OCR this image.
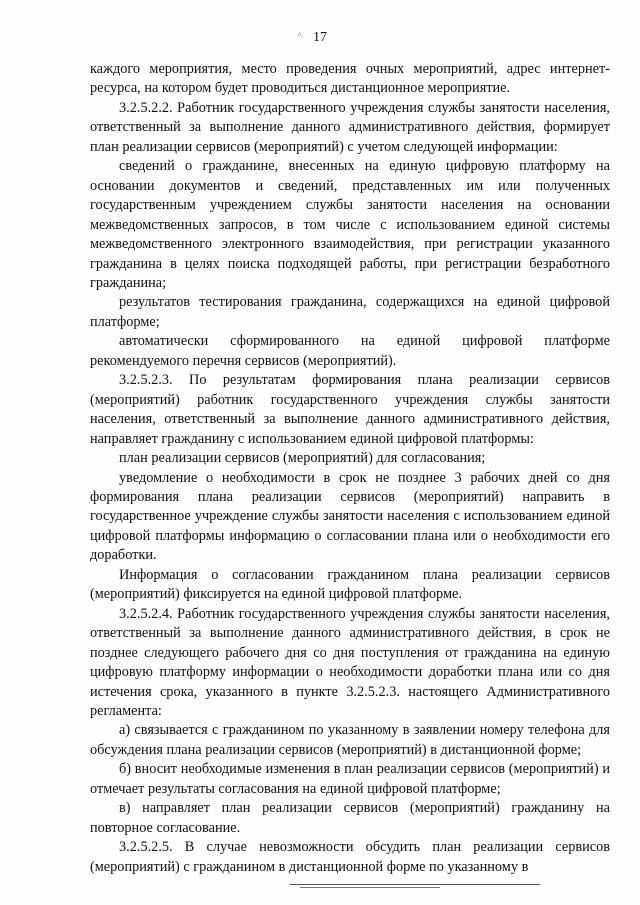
17
˄

каждого мероприятия, место проведения очных мероприятий, адрес интернет-ресурса, на котором будет проводиться дистанционное мероприятие.

3.2.5.2.2. Работник государственного учреждения службы занятости населения, ответственный за выполнение данного административного действия, формирует план реализации сервисов (мероприятий) с учетом следующей информации:

сведений о гражданине, внесенных на единую цифровую платформу на основании документов и сведений, представленных им или полученных государственным учреждением службы занятости населения на основании межведомственных запросов, в том числе с использованием единой системы межведомственного электронного взаимодействия, при регистрации указанного гражданина в целях поиска подходящей работы, при регистрации безработного гражданина;

результатов тестирования гражданина, содержащихся на единой цифровой платформе;

автоматически сформированного на единой цифровой платформе рекомендуемого перечня сервисов (мероприятий).

3.2.5.2.3. По результатам формирования плана реализации сервисов (мероприятий) работник государственного учреждения службы занятости населения, ответственный за выполнение данного административного действия, направляет гражданину с использованием единой цифровой платформы:

план реализации сервисов (мероприятий) для согласования;

уведомление о необходимости в срок не позднее 3 рабочих дней со дня формирования плана реализации сервисов (мероприятий) направить в государственное учреждение службы занятости населения с использованием единой цифровой платформы информацию о согласовании плана или о необходимости его доработки.

Информация о согласовании гражданином плана реализации сервисов (мероприятий) фиксируется на единой цифровой платформе.

3.2.5.2.4. Работник государственного учреждения службы занятости населения, ответственный за выполнение данного административного действия, в срок не позднее следующего рабочего дня со дня поступления от гражданина на единую цифровую платформу информации о необходимости доработки плана или со дня истечения срока, указанного в пункте 3.2.5.2.3. настоящего Административного регламента:

а) связывается с гражданином по указанному в заявлении номеру телефона для обсуждения плана реализации сервисов (мероприятий) в дистанционной форме;

б) вносит необходимые изменения в план реализации сервисов (мероприятий) и отмечает результаты согласования на единой цифровой платформе;

в) направляет план реализации сервисов (мероприятий) гражданину на повторное согласование.

3.2.5.2.5. В случае невозможности обсудить план реализации сервисов (мероприятий) с гражданином в дистанционной форме по указанному в
